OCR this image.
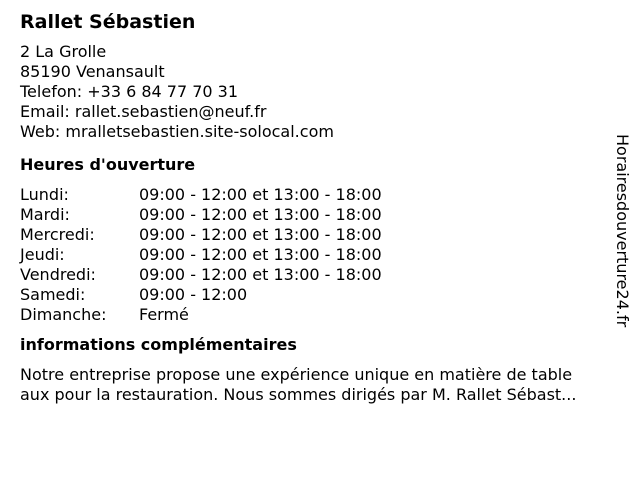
Rallet Sébastien
2 La Grolle
85190 Venansault
Telefon: +33 6 84 77 70 31
Email: rallet.sebastien@neuf.fr
Web: mralletsebastien.site-solocal.com
Heures d'ouverture
Lundi:	09:00 - 12:00 et 13:00 - 18:00
Mardi:	09:00 - 12:00 et 13:00 - 18:00
Mercredi:	09:00 - 12:00 et 13:00 - 18:00
Jeudi:	09:00 - 12:00 et 13:00 - 18:00
Vendredi:	09:00 - 12:00 et 13:00 - 18:00
Samedi:	09:00 - 12:00
Dimanche: Fermé
informations complémentaires
Notre entreprise propose une expérience unique en matière de table
aux pour la restauration. Nous sommes dirigés par M. Rallet Sébast...
Horairesdouverture24.fr
